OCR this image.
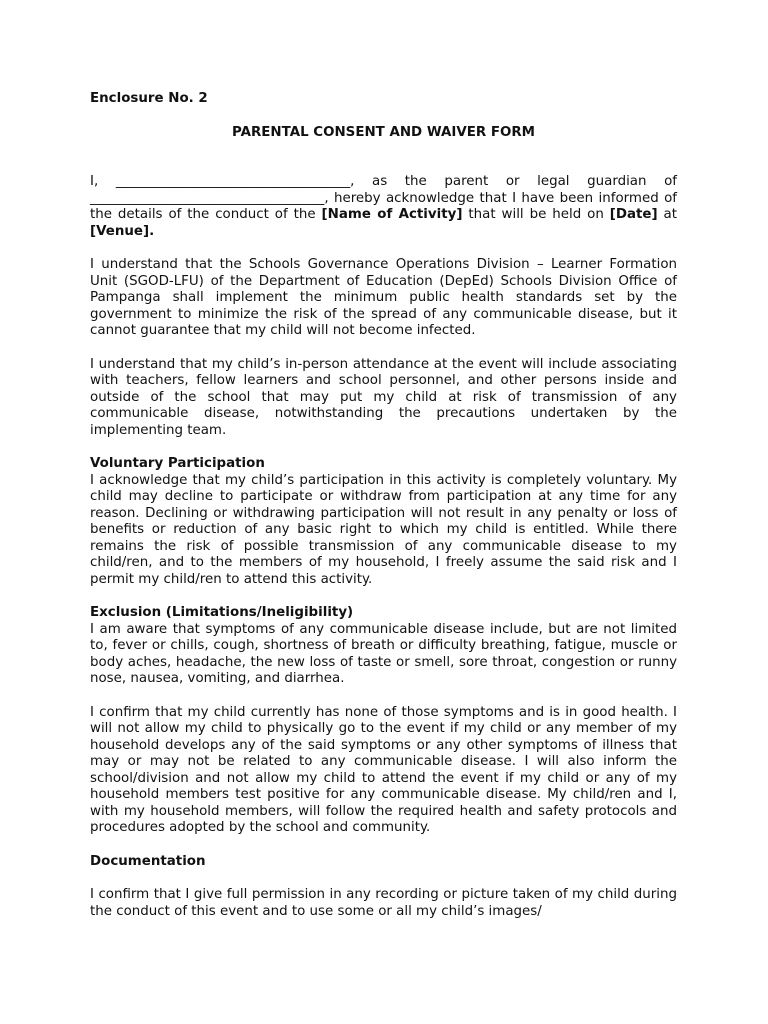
Enclosure No. 2

PARENTAL CONSENT AND WAIVER FORM

I, ___________________________________, as the parent or legal guardian of ___________________________________, hereby acknowledge that I have been informed of the details of the conduct of the [Name of Activity] that will be held on [Date] at [Venue].

I understand that the Schools Governance Operations Division – Learner Formation Unit (SGOD-LFU) of the Department of Education (DepEd) Schools Division Office of Pampanga shall implement the minimum public health standards set by the government to minimize the risk of the spread of any communicable disease, but it cannot guarantee that my child will not become infected.

I understand that my child’s in-person attendance at the event will include associating with teachers, fellow learners and school personnel, and other persons inside and outside of the school that may put my child at risk of transmission of any communicable disease, notwithstanding the precautions undertaken by the implementing team.

Voluntary Participation

I acknowledge that my child’s participation in this activity is completely voluntary. My child may decline to participate or withdraw from participation at any time for any reason. Declining or withdrawing participation will not result in any penalty or loss of benefits or reduction of any basic right to which my child is entitled. While there remains the risk of possible transmission of any communicable disease to my child/ren, and to the members of my household, I freely assume the said risk and I permit my child/ren to attend this activity.

Exclusion (Limitations/Ineligibility)

I am aware that symptoms of any communicable disease include, but are not limited to, fever or chills, cough, shortness of breath or difficulty breathing, fatigue, muscle or body aches, headache, the new loss of taste or smell, sore throat, congestion or runny nose, nausea, vomiting, and diarrhea.

I confirm that my child currently has none of those symptoms and is in good health. I will not allow my child to physically go to the event if my child or any member of my household develops any of the said symptoms or any other symptoms of illness that may or may not be related to any communicable disease. I will also inform the school/division and not allow my child to attend the event if my child or any of my household members test positive for any communicable disease. My child/ren and I, with my household members, will follow the required health and safety protocols and procedures adopted by the school and community.

Documentation

I confirm that I give full permission in any recording or picture taken of my child during the conduct of this event and to use some or all my child’s images/
